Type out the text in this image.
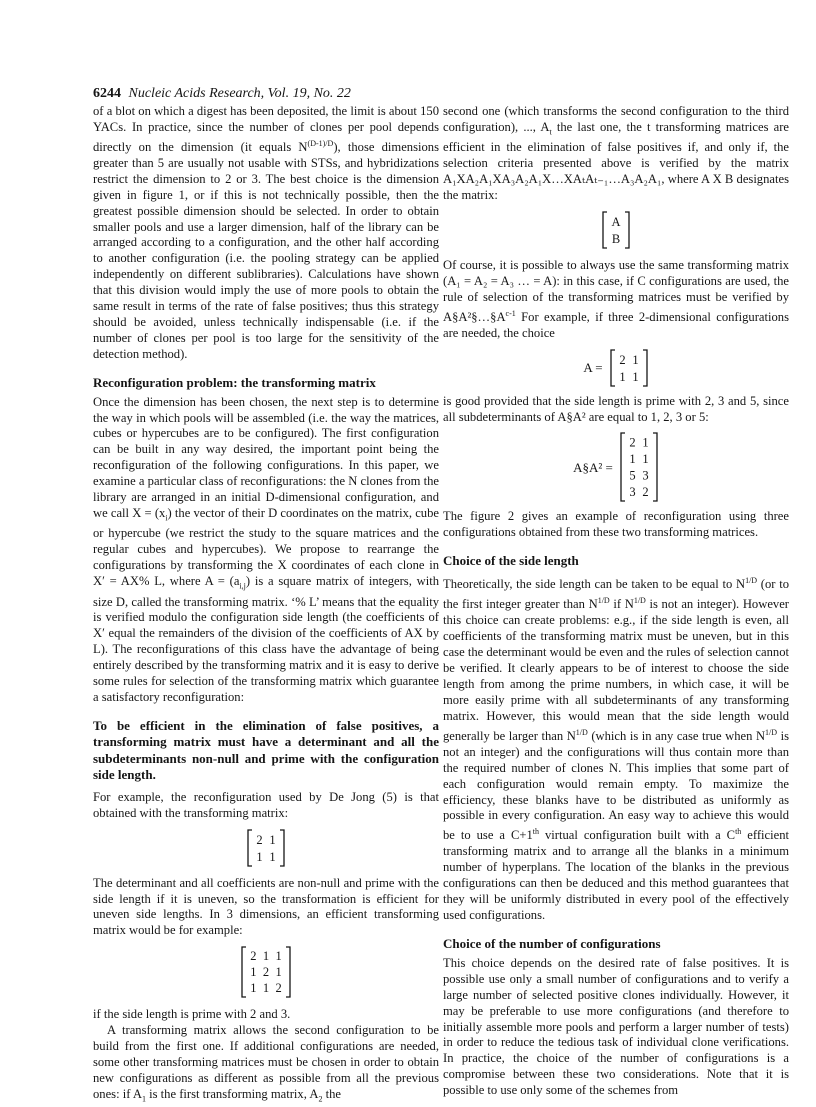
6244 Nucleic Acids Research, Vol. 19, No. 22

of a blot on which a digest has been deposited, the limit is about 150 YACs. In practice, since the number of clones per pool depends directly on the dimension (it equals $N^{(D-1)/D}$), those dimensions greater than 5 are usually not usable with STSs, and hybridizations restrict the dimension to 2 or 3. The best choice is the dimension given in figure 1, or if this is not technically possible, then the greatest possible dimension should be selected. In order to obtain smaller pools and use a larger dimension, half of the library can be arranged according to a configuration, and the other half according to another configuration (i.e. the pooling strategy can be applied independently on different sublibraries). Calculations have shown that this division would imply the use of more pools to obtain the same result in terms of the rate of false positives; thus this strategy should be avoided, unless technically indispensable (i.e. if the number of clones per pool is too large for the sensitivity of the detection method).

Reconfiguration problem: the transforming matrix

Once the dimension has been chosen, the next step is to determine the way in which pools will be assembled (i.e. the way the matrices, cubes or hypercubes are to be configured). The first configuration can be built in any way desired, the important point being the reconfiguration of the following configurations. In this paper, we examine a particular class of reconfigurations: the N clones from the library are arranged in an initial D-dimensional configuration, and we call $X = (x_i)$ the vector of their D coordinates on the matrix, cube or hypercube (we restrict the study to the square matrices and the regular cubes and hypercubes). We propose to rearrange the configurations by transforming the X coordinates of each clone in X′ = AX% L, where $A = (a_{i,j})$ is a square matrix of integers, with size D, called the transforming matrix. ‘% L’ means that the equality is verified modulo the configuration side length (the coefficients of X′ equal the remainders of the division of the coefficients of AX by L). The reconfigurations of this class have the advantage of being entirely described by the transforming matrix and it is easy to derive some rules for selection of the transforming matrix which guarantee a satisfactory reconfiguration:

To be efficient in the elimination of false positives, a transforming matrix must have a determinant and all the subdeterminants non-null and prime with the configuration side length.

For example, the reconfiguration used by De Jong (5) is that obtained with the transforming matrix:

2 1
1 1

The determinant and all coefficients are non-null and prime with the side length if it is uneven, so the transformation is efficient for uneven side lengths. In 3 dimensions, an efficient transforming matrix would be for example:

2 1 1
1 2 1
1 1 2

if the side length is prime with 2 and 3.

A transforming matrix allows the second configuration to be build from the first one. If additional configurations are needed, some other transforming matrices must be chosen in order to obtain new configurations as different as possible from all the previous ones: if $A_1$ is the first transforming matrix, $A_2$ the

second one (which transforms the second configuration to the third configuration), ..., $A_t$ the last one, the t transforming matrices are efficient in the elimination of false positives if, and only if, the selection criteria presented above is verified by the matrix A₁XA₂A₁XA₃A₂A₁X…XAₜAₜ₋₁…A₃A₂A₁, where A X B designates the matrix:

A
B

Of course, it is possible to always use the same transforming matrix (A₁ = A₂ = A₃ … = A): in this case, if C configurations are used, the rule of selection of the transforming matrices must be verified by $A\S A^2\S\dots\S A^{c-1}$ For example, if three 2-dimensional configurations are needed, the choice

A =
2 1
1 1

is good provided that the side length is prime with 2, 3 and 5, since all subdeterminants of A§A² are equal to 1, 2, 3 or 5:

A§A² =
2 1
1 1
5 3
3 2

The figure 2 gives an example of reconfiguration using three configurations obtained from these two transforming matrices.

Choice of the side length

Theoretically, the side length can be taken to be equal to $N^{1/D}$ (or to the first integer greater than $N^{1/D}$ if $N^{1/D}$ is not an integer). However this choice can create problems: e.g., if the side length is even, all coefficients of the transforming matrix must be uneven, but in this case the determinant would be even and the rules of selection cannot be verified. It clearly appears to be of interest to choose the side length from among the prime numbers, in which case, it will be more easily prime with all subdeterminants of any transforming matrix. However, this would mean that the side length would generally be larger than $N^{1/D}$ (which is in any case true when $N^{1/D}$ is not an integer) and the configurations will thus contain more than the required number of clones N. This implies that some part of each configuration would remain empty. To maximize the efficiency, these blanks have to be distributed as uniformly as possible in every configuration. An easy way to achieve this would be to use a C+1th virtual configuration built with a Cth efficient transforming matrix and to arrange all the blanks in a minimum number of hyperplans. The location of the blanks in the previous configurations can then be deduced and this method guarantees that they will be uniformly distributed in every pool of the effectively used configurations.

Choice of the number of configurations

This choice depends on the desired rate of false positives. It is possible use only a small number of configurations and to verify a large number of selected positive clones individually. However, it may be preferable to use more configurations (and therefore to initially assemble more pools and perform a larger number of tests) in order to reduce the tedious task of individual clone verifications. In practice, the choice of the number of configurations is a compromise between these two considerations. Note that it is possible to use only some of the schemes from
